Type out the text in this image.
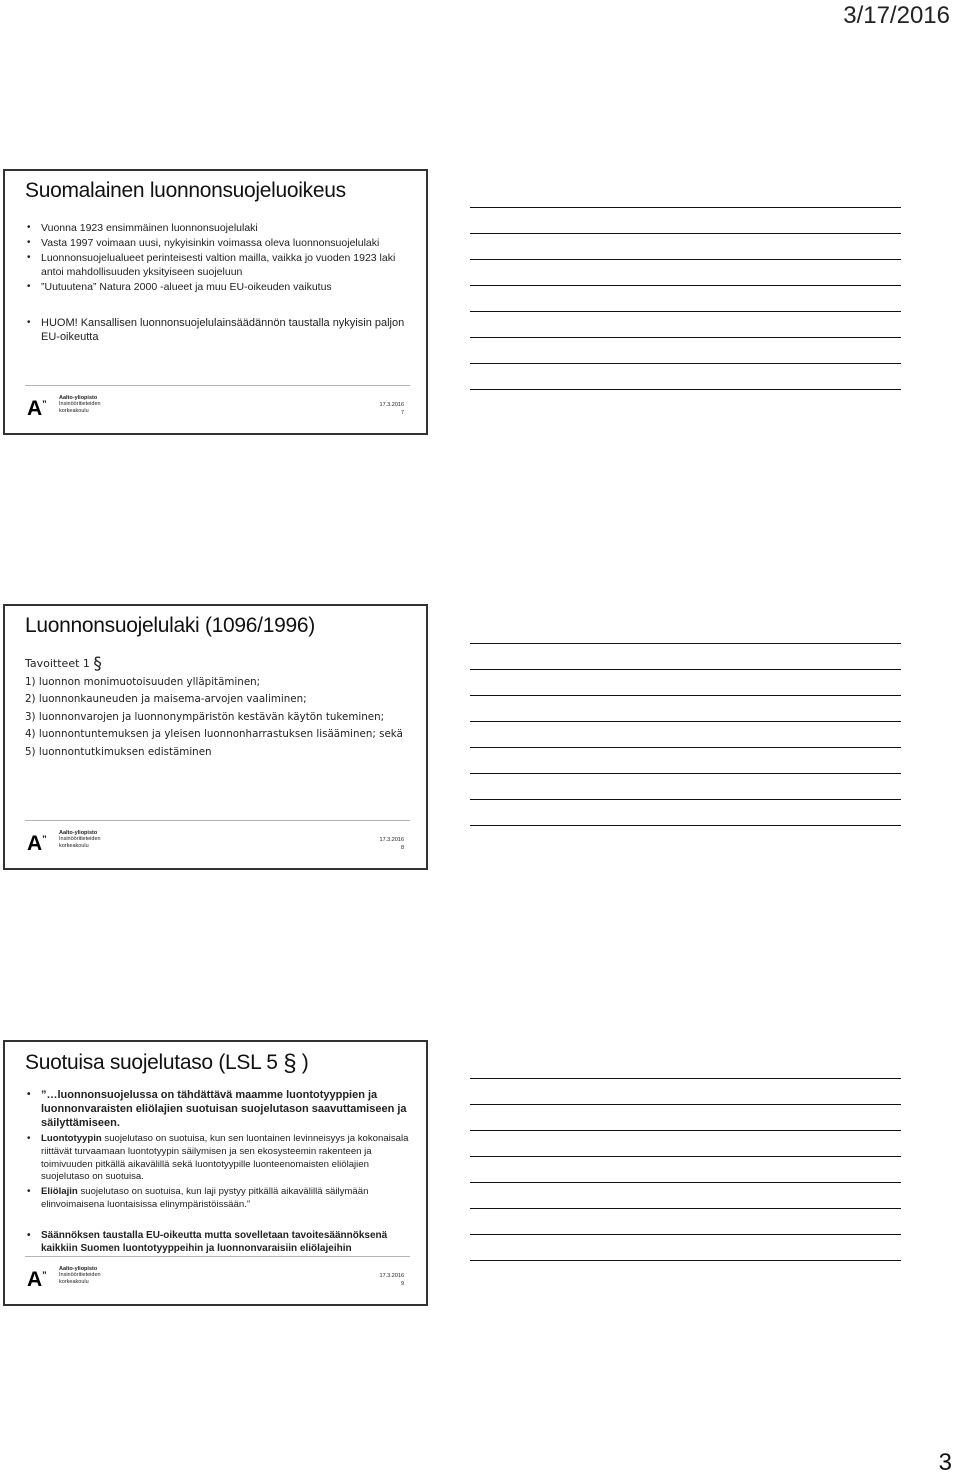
3/17/2016
Suomalainen luonnonsuojeluoikeus
• Vuonna 1923 ensimmäinen luonnonsuojelulaki
• Vasta 1997 voimaan uusi, nykyisinkin voimassa oleva luonnonsuojelulaki
• Luonnonsuojelualueet perinteisesti valtion mailla, vaikka jo vuoden 1923 laki antoi mahdollisuuden yksityiseen suojeluun
• ”Uutuutena” Natura 2000 -alueet ja muu EU-oikeuden vaikutus
• HUOM! Kansallisen luonnonsuojelulainsäädännön taustalla nykyisin paljon EU-oikeutta
A”
Aalto-yliopisto
Insinööritieteiden
korkeakoulu
17.3.2016
7
Luonnonsuojelulaki (1096/1996)
Tavoitteet 1 §
1) luonnon monimuotoisuuden ylläpitäminen;
2) luonnonkauneuden ja maisema-arvojen vaaliminen;
3) luonnonvarojen ja luonnonympäristön kestävän käytön tukeminen;
4) luonnontuntemuksen ja yleisen luonnonharrastuksen lisääminen; sekä
5) luonnontutkimuksen edistäminen
A”
Aalto-yliopisto
Insinööritieteiden
korkeakoulu
17.3.2016
8
Suotuisa suojelutaso (LSL 5 § )
• ”…luonnonsuojelussa on tähdättävä maamme luontotyyppien ja luonnonvaraisten eliölajien suotuisan suojelutason saavuttamiseen ja säilyttämiseen.
• Luontotyypin suojelutaso on suotuisa, kun sen luontainen levinneisyys ja kokonaisala riittävät turvaamaan luontotyypin säilymisen ja sen ekosysteemin rakenteen ja toimivuuden pitkällä aikavälillä sekä luontotyypille luonteenomaisten eliölajien suojelutaso on suotuisa.
• Eliölajin suojelutaso on suotuisa, kun laji pystyy pitkällä aikavälillä säilymään elinvoimaisena luontaisissa elinympäristöissään.”
• Säännöksen taustalla EU-oikeutta mutta sovelletaan tavoitesäännöksenä kaikkiin Suomen luontotyyppeihin ja luonnonvaraisiin eliölajeihin
A”
Aalto-yliopisto
Insinööritieteiden
korkeakoulu
17.3.2016
9
3
